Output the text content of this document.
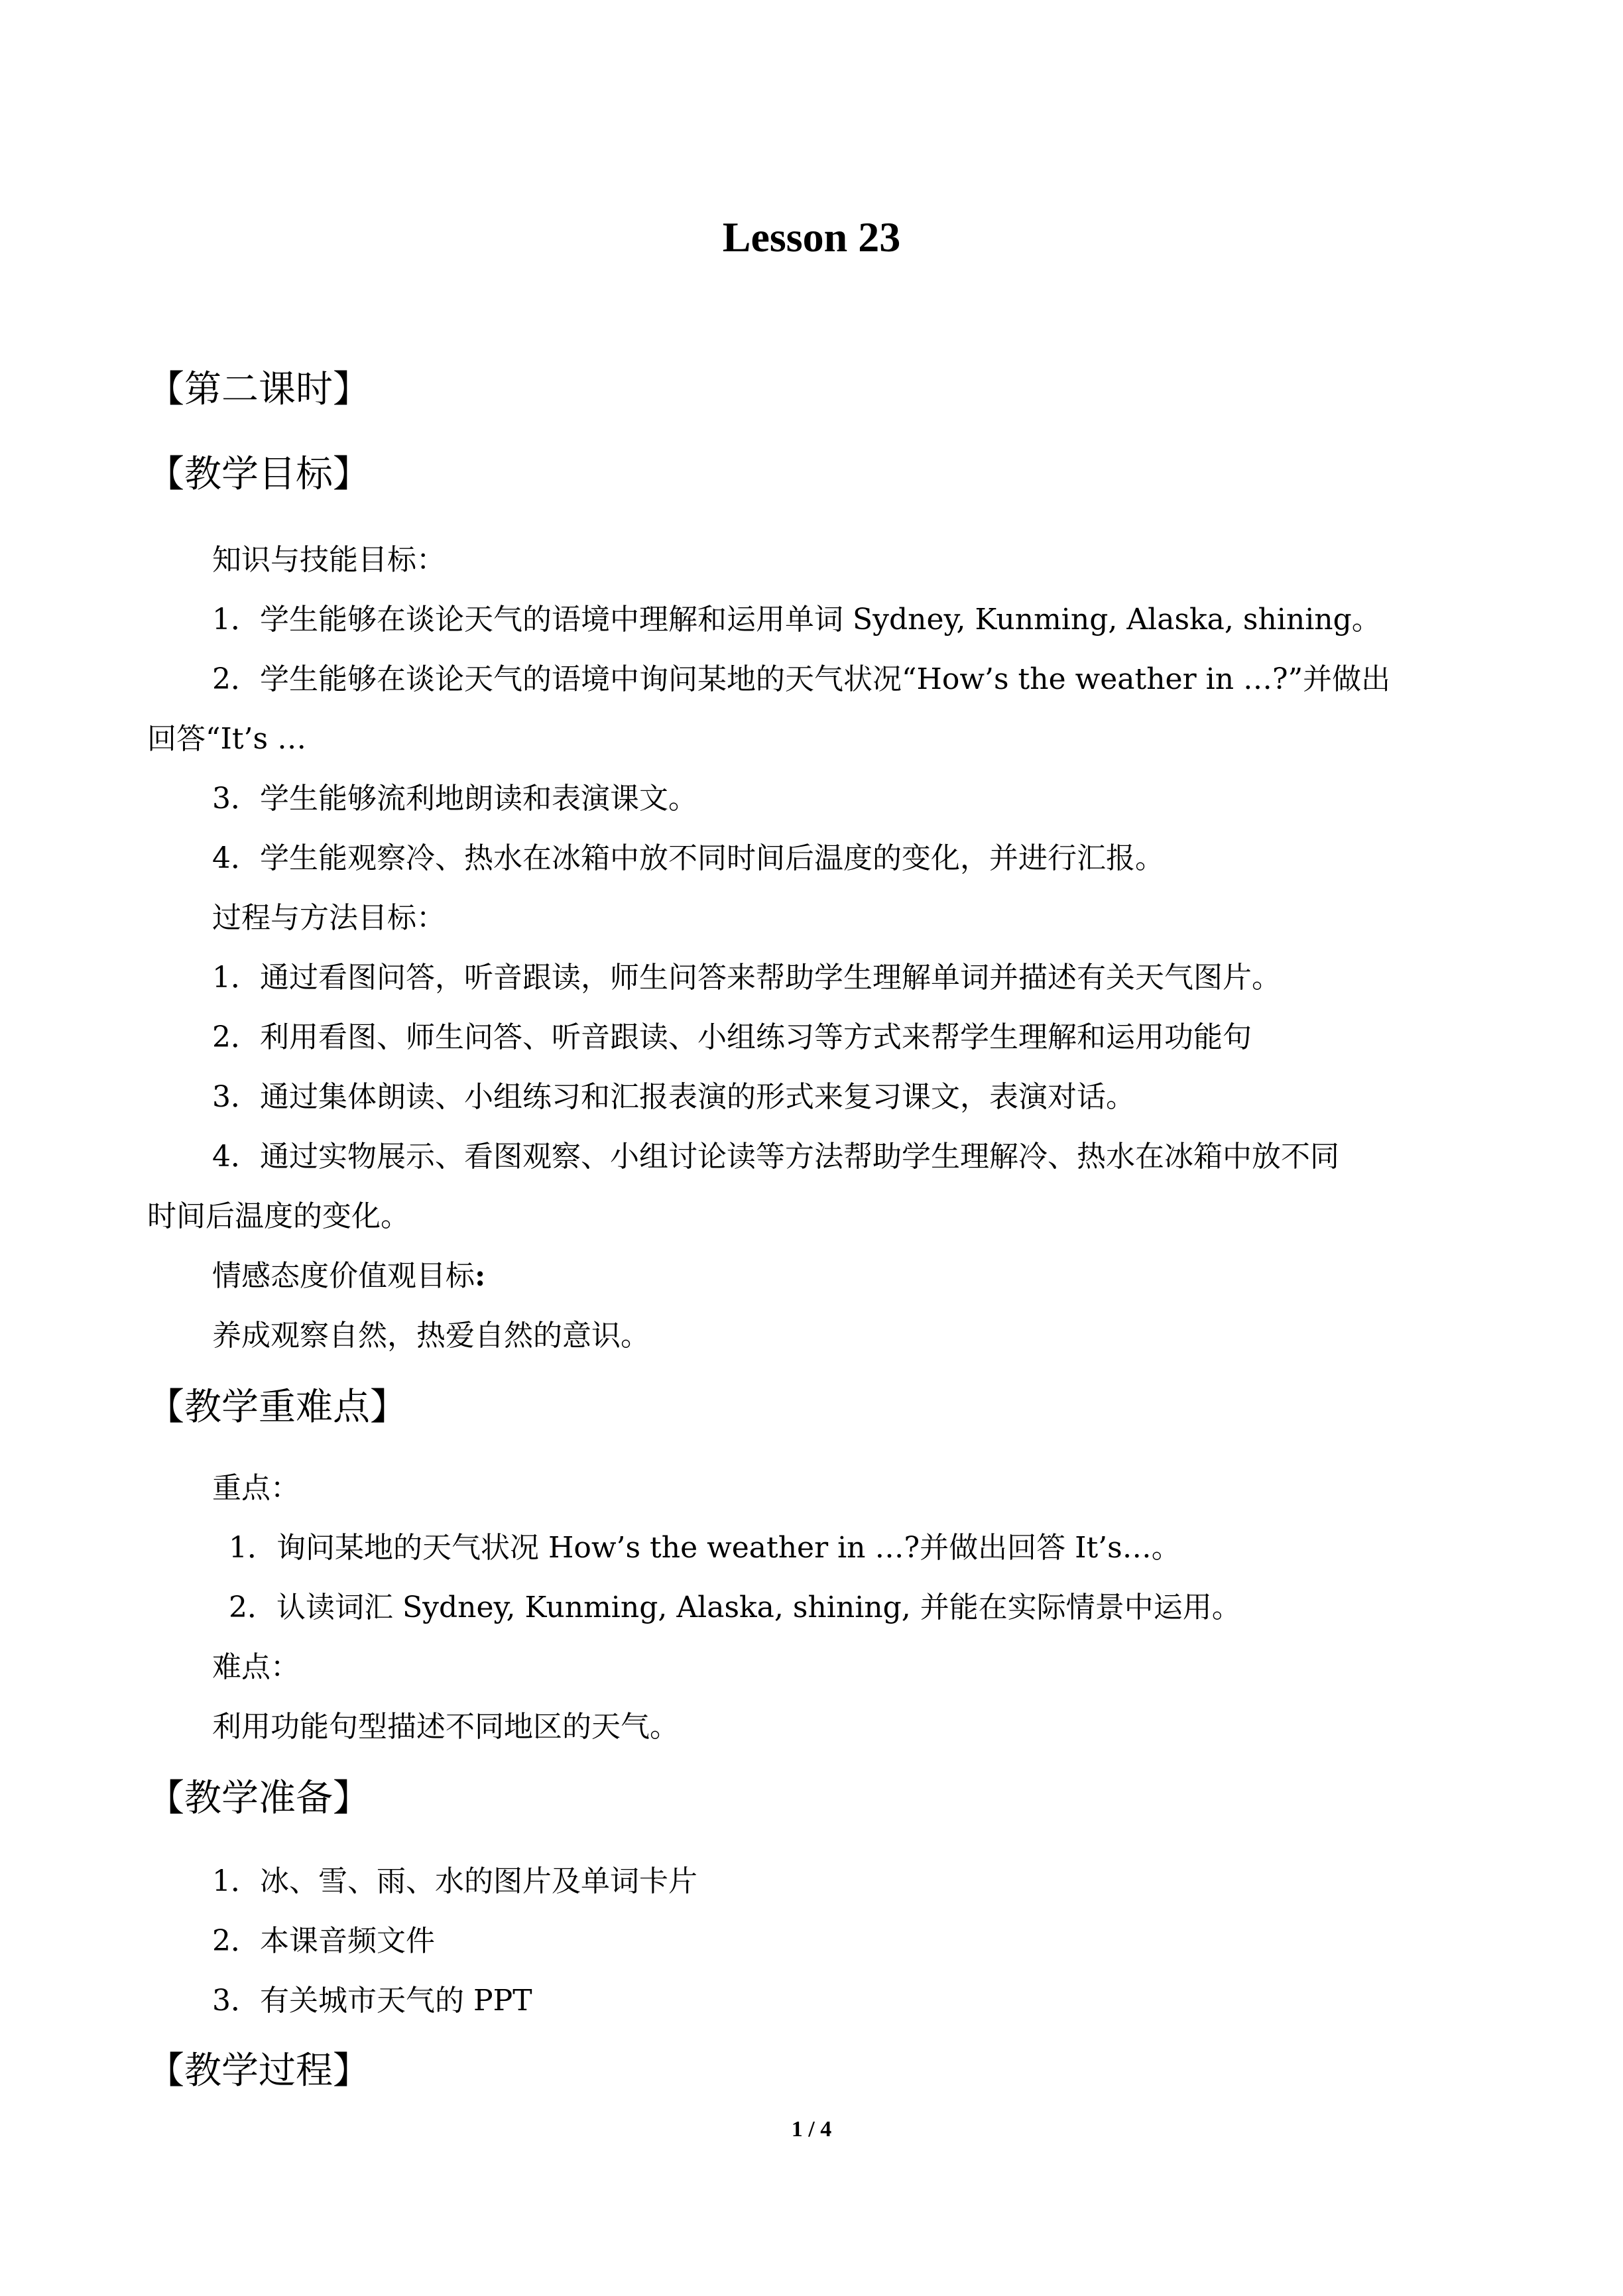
Lesson 23
【第二课时】
【教学目标】
知识与技能目标：
1．学生能够在谈论天气的语境中理解和运用单词 Sydney, Kunming, Alaska, shining。
2．学生能够在谈论天气的语境中询问某地的天气状况“How’s the weather in …?”并做出
回答“It’s …
3．学生能够流利地朗读和表演课文。
4．学生能观察冷、热水在冰箱中放不同时间后温度的变化，并进行汇报。
过程与方法目标：
1．通过看图问答，听音跟读，师生问答来帮助学生理解单词并描述有关天气图片。
2．利用看图、师生问答、听音跟读、小组练习等方式来帮学生理解和运用功能句
3．通过集体朗读、小组练习和汇报表演的形式来复习课文，表演对话。
4．通过实物展示、看图观察、小组讨论读等方法帮助学生理解冷、热水在冰箱中放不同
时间后温度的变化。
情感态度价值观目标:
养成观察自然，热爱自然的意识。
【教学重难点】
重点：
1．询问某地的天气状况 How’s the weather in …?并做出回答 It’s…。
2．认读词汇 Sydney, Kunming, Alaska, shining, 并能在实际情景中运用。
难点：
利用功能句型描述不同地区的天气。
【教学准备】
1．冰、雪、雨、水的图片及单词卡片
2．本课音频文件
3．有关城市天气的 PPT
【教学过程】
1 / 4
